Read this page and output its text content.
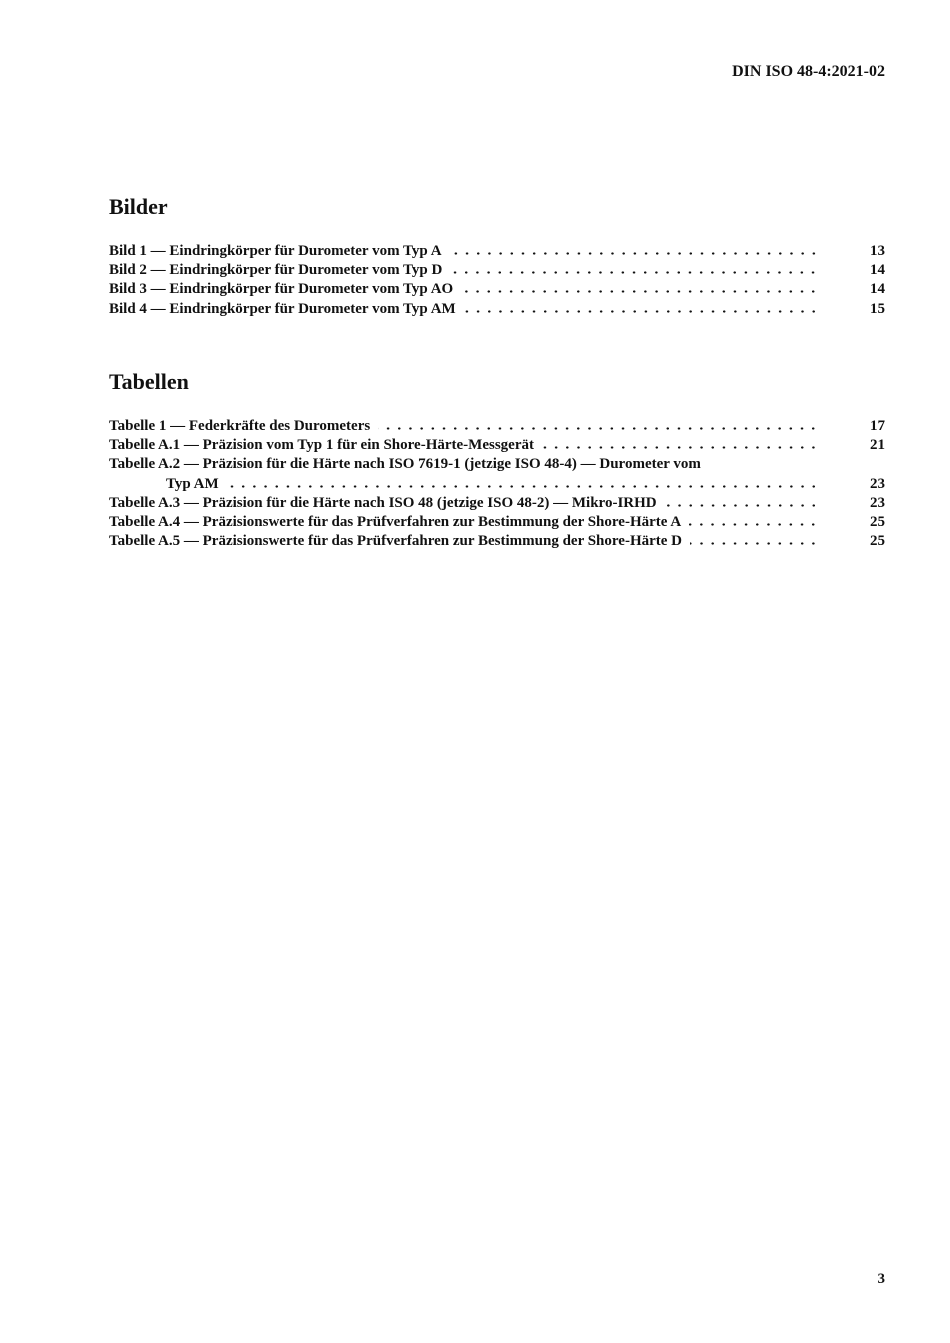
DIN ISO 48-4:2021-02
Bilder
Bild 1 — Eindringkörper für Durometer vom Typ A	13
Bild 2 — Eindringkörper für Durometer vom Typ D	14
Bild 3 — Eindringkörper für Durometer vom Typ AO	14
Bild 4 — Eindringkörper für Durometer vom Typ AM	15
Tabellen
Tabelle 1 — Federkräfte des Durometers	17
Tabelle A.1 — Präzision vom Typ 1 für ein Shore-Härte-Messgerät	21
Tabelle A.2 — Präzision für die Härte nach ISO 7619-1 (jetzige ISO 48-4) — Durometer vom
Typ AM	23
Tabelle A.3 — Präzision für die Härte nach ISO 48 (jetzige ISO 48-2) — Mikro-IRHD	23
Tabelle A.4 — Präzisionswerte für das Prüfverfahren zur Bestimmung der Shore-Härte A	25
Tabelle A.5 — Präzisionswerte für das Prüfverfahren zur Bestimmung der Shore-Härte D	25
3
